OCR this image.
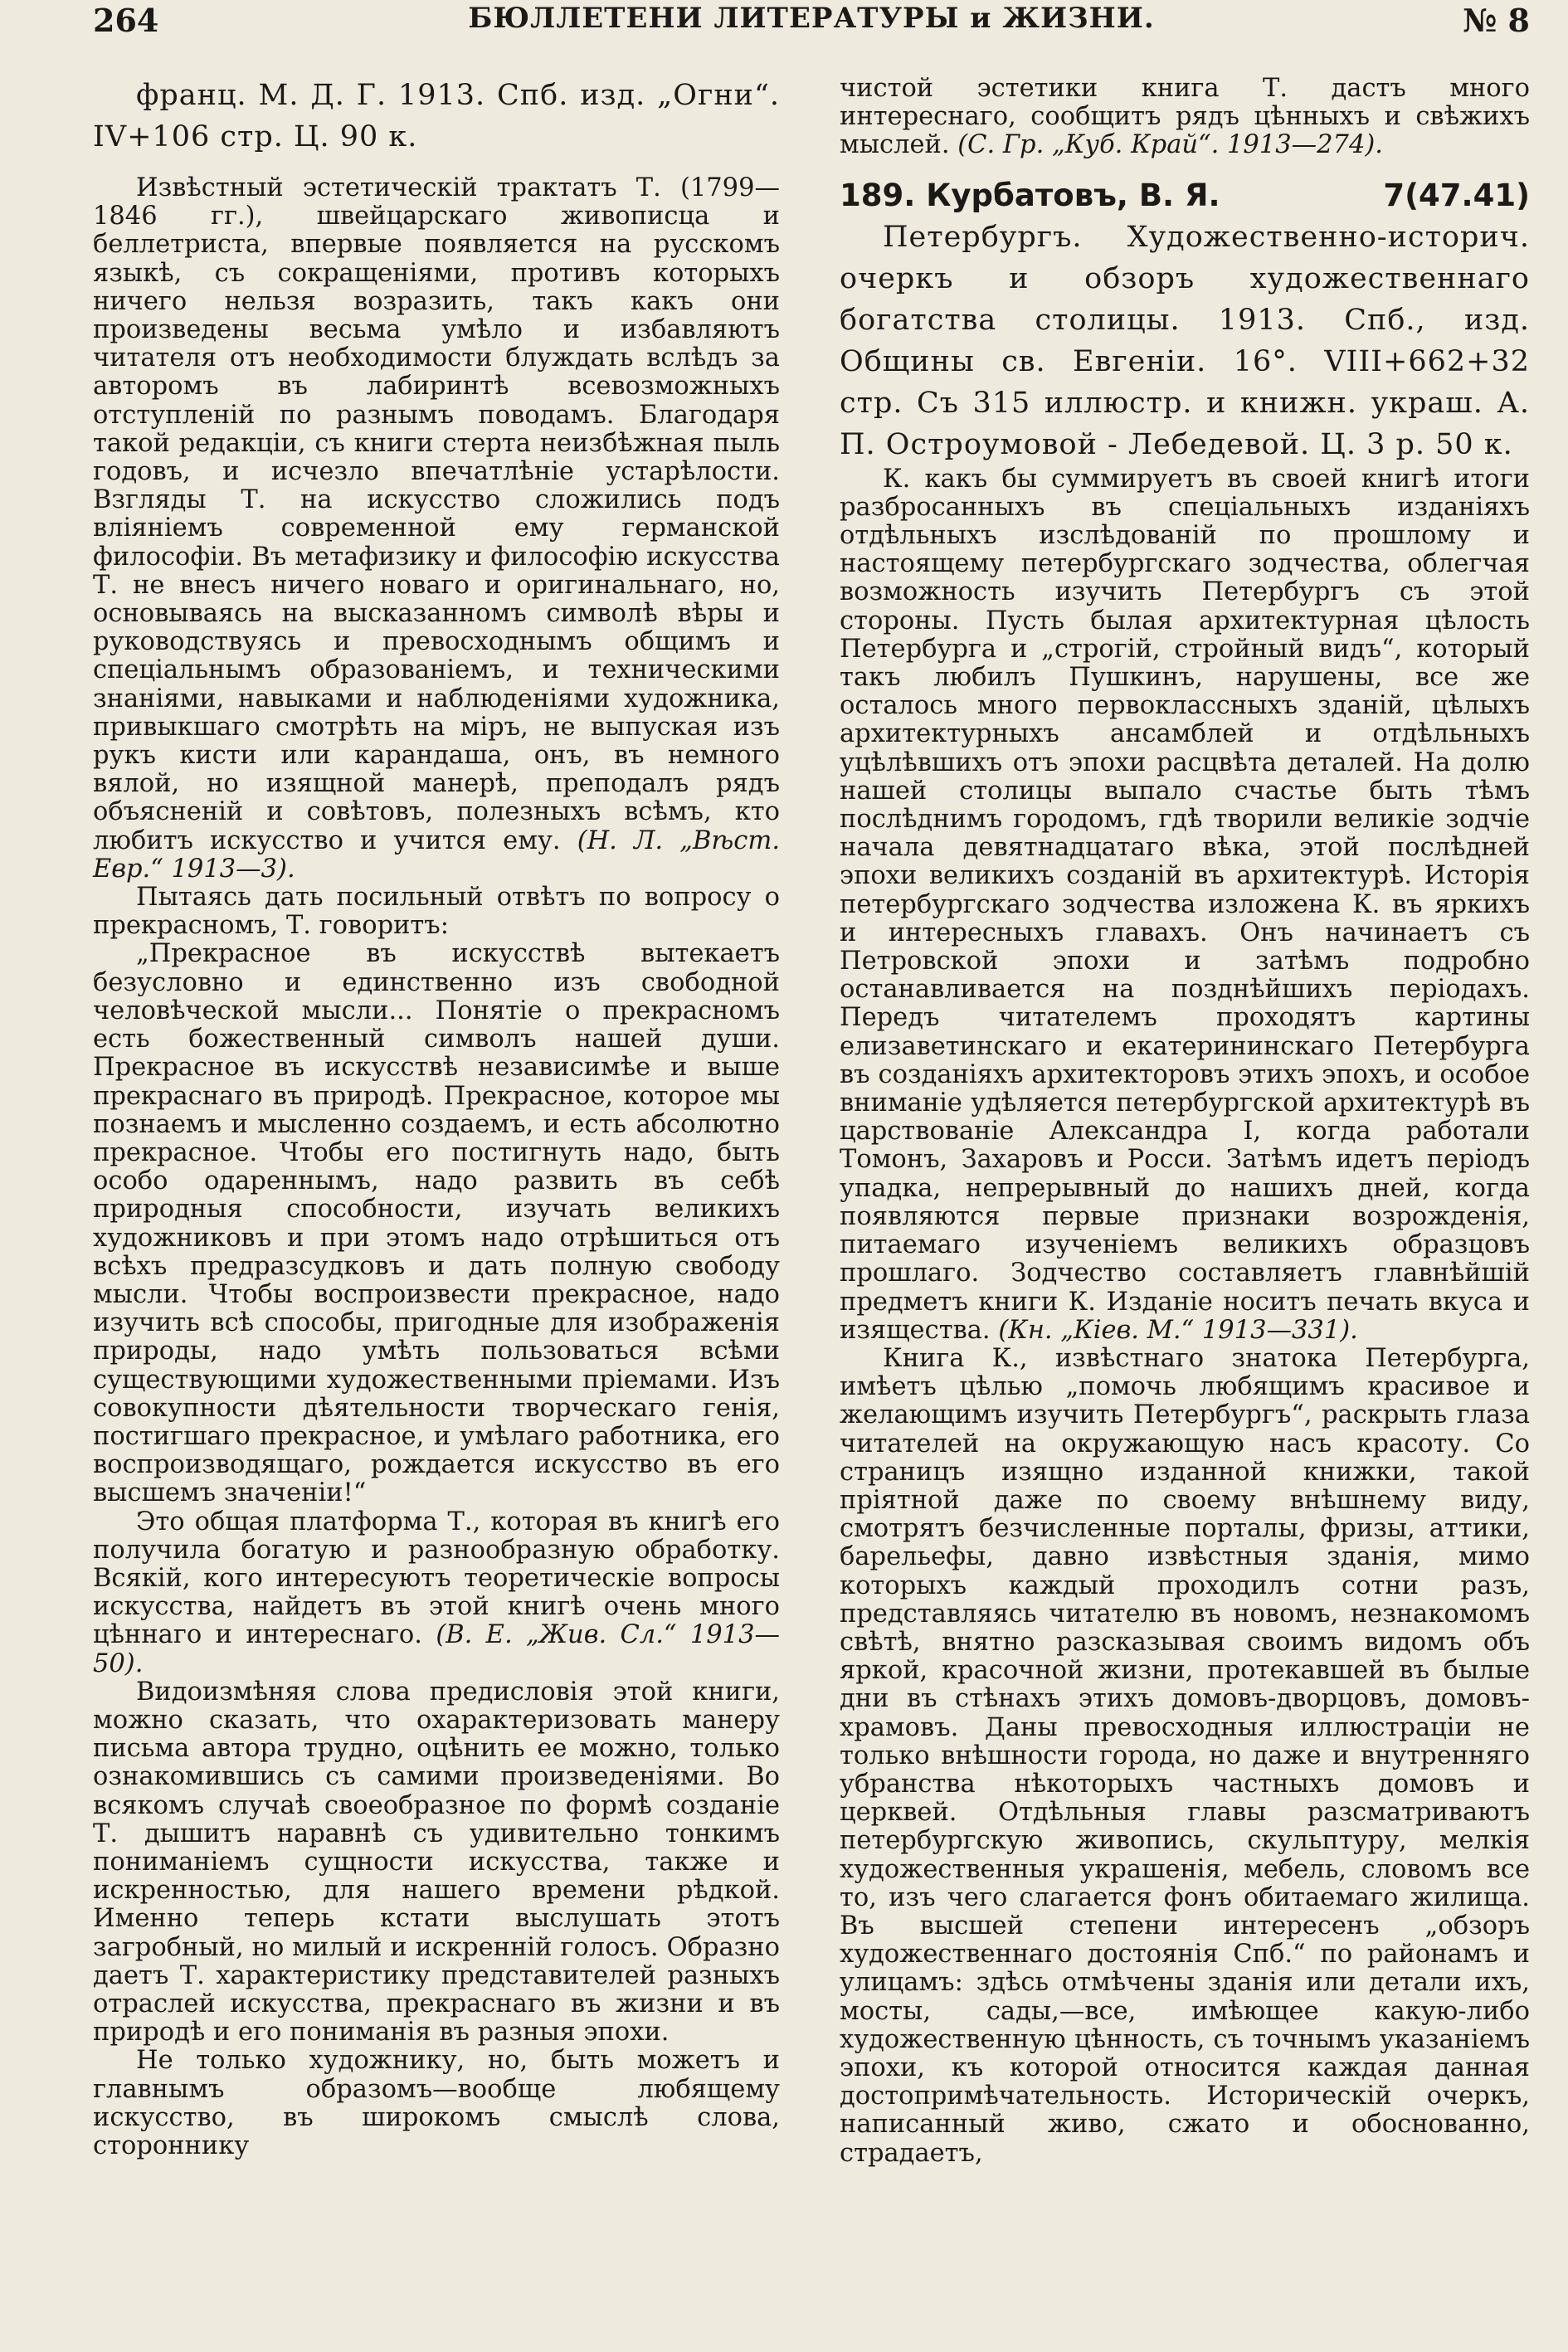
264	БЮЛЛЕТЕНИ ЛИТЕРАТУРЫ и ЖИЗНИ.	№ 8

франц. М. Д. Г. 1913. Спб. изд. „Огни“. IV+106 стр. Ц. 90 к.

Извѣстный эстетическій трактатъ Т. (1799—1846 гг.), швейцарскаго живописца и беллетриста, впервые появляется на русскомъ языкѣ, съ сокращеніями, противъ которыхъ ничего нельзя возразить, такъ какъ они произведены весьма умѣло и избавляютъ читателя отъ необходимости блуждать вслѣдъ за авторомъ въ лабиринтѣ всевозможныхъ отступленій по разнымъ поводамъ. Благодаря такой редакціи, съ книги стерта неизбѣжная пыль годовъ, и исчезло впечатлѣніе устарѣлости. Взгляды Т. на искусство сложились подъ вліяніемъ современной ему германской философіи. Въ метафизику и философію искусства Т. не внесъ ничего новаго и оригинальнаго, но, основываясь на высказанномъ символѣ вѣры и руководствуясь и превосходнымъ общимъ и спеціальнымъ образованіемъ, и техническими знаніями, навыками и наблюденіями художника, привыкшаго смотрѣть на міръ, не выпуская изъ рукъ кисти или карандаша, онъ, въ немного вялой, но изящной манерѣ, преподалъ рядъ объясненій и совѣтовъ, полезныхъ всѣмъ, кто любитъ искусство и учится ему. (Н. Л. „Вѣст. Евр.“ 1913—3).

Пытаясь дать посильный отвѣтъ по вопросу о прекрасномъ, Т. говоритъ:

„Прекрасное въ искусствѣ вытекаетъ безусловно и единственно изъ свободной человѣческой мысли... Понятіе о прекрасномъ есть божественный символъ нашей души. Прекрасное въ искусствѣ независимѣе и выше прекраснаго въ природѣ. Прекрасное, которое мы познаемъ и мысленно создаемъ, и есть абсолютно прекрасное. Чтобы его постигнуть надо, быть особо одареннымъ, надо развить въ себѣ природныя способности, изучать великихъ художниковъ и при этомъ надо отрѣшиться отъ всѣхъ предразсудковъ и дать полную свободу мысли. Чтобы воспроизвести прекрасное, надо изучить всѣ способы, пригодные для изображенія природы, надо умѣть пользоваться всѣми существующими художественными пріемами. Изъ совокупности дѣятельности творческаго генія, постигшаго прекрасное, и умѣлаго работника, его воспроизводящаго, рождается искусство въ его высшемъ значеніи!“

Это общая платформа Т., которая въ книгѣ его получила богатую и разнообразную обработку. Всякій, кого интересуютъ теоретическіе вопросы искусства, найдетъ въ этой книгѣ очень много цѣннаго и интереснаго. (В. Е. „Жив. Сл.“ 1913—50).

Видоизмѣняя слова предисловія этой книги, можно сказать, что охарактеризовать манеру письма автора трудно, оцѣнить ее можно, только ознакомившись съ самими произведеніями. Во всякомъ случаѣ своеобразное по формѣ созданіе Т. дышитъ наравнѣ съ удивительно тонкимъ пониманіемъ сущности искусства, также и искренностью, для нашего времени рѣдкой. Именно теперь кстати выслушать этотъ загробный, но милый и искренній голосъ. Образно даетъ Т. характеристику представителей разныхъ отраслей искусства, прекраснаго въ жизни и въ природѣ и его пониманія въ разныя эпохи.

Не только художнику, но, быть можетъ и главнымъ образомъ—вообще любящему искусство, въ широкомъ смыслѣ слова, стороннику

чистой эстетики книга Т. дастъ много интереснаго, сообщитъ рядъ цѣнныхъ и свѣжихъ мыслей. (С. Гр. „Куб. Край“. 1913—274).

189. Курбатовъ, В. Я.	7(47.41)

Петербургъ. Художественно-историч. очеркъ и обзоръ художественнаго богатства столицы. 1913. Спб., изд. Общины св. Евгеніи. 16°. VIII+662+32 стр. Съ 315 иллюстр. и книжн. украш. А. П. Остроумовой - Лебедевой. Ц. 3 р. 50 к.

К. какъ бы суммируетъ въ своей книгѣ итоги разбросанныхъ въ спеціальныхъ изданіяхъ отдѣльныхъ изслѣдованій по прошлому и настоящему петербургскаго зодчества, облегчая возможность изучить Петербургъ съ этой стороны. Пусть былая архитектурная цѣлость Петербурга и „строгій, стройный видъ“, который такъ любилъ Пушкинъ, нарушены, все же осталось много первоклассныхъ зданій, цѣлыхъ архитектурныхъ ансамблей и отдѣльныхъ уцѣлѣвшихъ отъ эпохи расцвѣта деталей. На долю нашей столицы выпало счастье быть тѣмъ послѣднимъ городомъ, гдѣ творили великіе зодчіе начала девятнадцатаго вѣка, этой послѣдней эпохи великихъ созданій въ архитектурѣ. Исторія петербургскаго зодчества изложена К. въ яркихъ и интересныхъ главахъ. Онъ начинаетъ съ Петровской эпохи и затѣмъ подробно останавливается на позднѣйшихъ періодахъ. Передъ читателемъ проходятъ картины елизаветинскаго и екатерининскаго Петербурга въ созданіяхъ архитекторовъ этихъ эпохъ, и особое вниманіе удѣляется петербургской архитектурѣ въ царствованіе Александра I, когда работали Томонъ, Захаровъ и Росси. Затѣмъ идетъ періодъ упадка, непрерывный до нашихъ дней, когда появляются первые признаки возрожденія, питаемаго изученіемъ великихъ образцовъ прошлаго. Зодчество составляетъ главнѣйшій предметъ книги К. Изданіе носитъ печать вкуса и изящества. (Кн. „Кіев. М.“ 1913—331).

Книга К., извѣстнаго знатока Петербурга, имѣетъ цѣлью „помочь любящимъ красивое и желающимъ изучить Петербургъ“, раскрыть глаза читателей на окружающую насъ красоту. Со страницъ изящно изданной книжки, такой пріятной даже по своему внѣшнему виду, смотрятъ безчисленные порталы, фризы, аттики, барельефы, давно извѣстныя зданія, мимо которыхъ каждый проходилъ сотни разъ, представляясь читателю въ новомъ, незнакомомъ свѣтѣ, внятно разсказывая своимъ видомъ объ яркой, красочной жизни, протекавшей въ былые дни въ стѣнахъ этихъ домовъ-дворцовъ, домовъ-храмовъ. Даны превосходныя иллюстраціи не только внѣшности города, но даже и внутренняго убранства нѣкоторыхъ частныхъ домовъ и церквей. Отдѣльныя главы разсматриваютъ петербургскую живопись, скульптуру, мелкія художественныя украшенія, мебель, словомъ все то, изъ чего слагается фонъ обитаемаго жилища. Въ высшей степени интересенъ „обзоръ художественнаго достоянія Спб.“ по районамъ и улицамъ: здѣсь отмѣчены зданія или детали ихъ, мосты, сады,—все, имѣющее какую-либо художественную цѣнность, съ точнымъ указаніемъ эпохи, къ которой относится каждая данная достопримѣчательность. Историческій очеркъ, написанный живо, сжато и обоснованно, страдаетъ,
